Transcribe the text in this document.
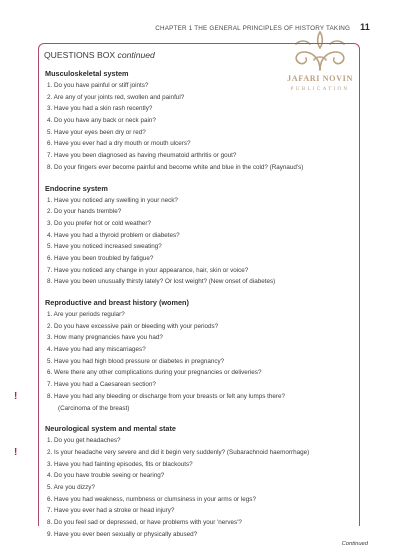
CHAPTER 1 THE GENERAL PRINCIPLES OF HISTORY TAKING 11
JAFARI NOVIN
PUBLICATION
QUESTIONS BOX continued
Musculoskeletal system
1. Do you have painful or stiff joints?
2. Are any of your joints red, swollen and painful?
3. Have you had a skin rash recently?
4. Do you have any back or neck pain?
5. Have your eyes been dry or red?
6. Have you ever had a dry mouth or mouth ulcers?
7. Have you been diagnosed as having rheumatoid arthritis or gout?
8. Do your fingers ever become painful and become white and blue in the cold? (Raynaud's)
Endocrine system
1. Have you noticed any swelling in your neck?
2. Do your hands tremble?
3. Do you prefer hot or cold weather?
4. Have you had a thyroid problem or diabetes?
5. Have you noticed increased sweating?
6. Have you been troubled by fatigue?
7. Have you noticed any change in your appearance, hair, skin or voice?
8. Have you been unusually thirsty lately? Or lost weight? (New onset of diabetes)
Reproductive and breast history (women)
1. Are your periods regular?
2. Do you have excessive pain or bleeding with your periods?
3. How many pregnancies have you had?
4. Have you had any miscarriages?
5. Have you had high blood pressure or diabetes in pregnancy?
6. Were there any other complications during your pregnancies or deliveries?
7. Have you had a Caesarean section?
8. Have you had any bleeding or discharge from your breasts or felt any lumps there?
(Carcinoma of the breast)
Neurological system and mental state
1. Do you get headaches?
2. Is your headache very severe and did it begin very suddenly? (Subarachnoid haemorrhage)
3. Have you had fainting episodes, fits or blackouts?
4. Do you have trouble seeing or hearing?
5. Are you dizzy?
6. Have you had weakness, numbness or clumsiness in your arms or legs?
7. Have you ever had a stroke or head injury?
8. Do you feel sad or depressed, or have problems with your 'nerves'?
9. Have you ever been sexually or physically abused?
Continued
!
!
